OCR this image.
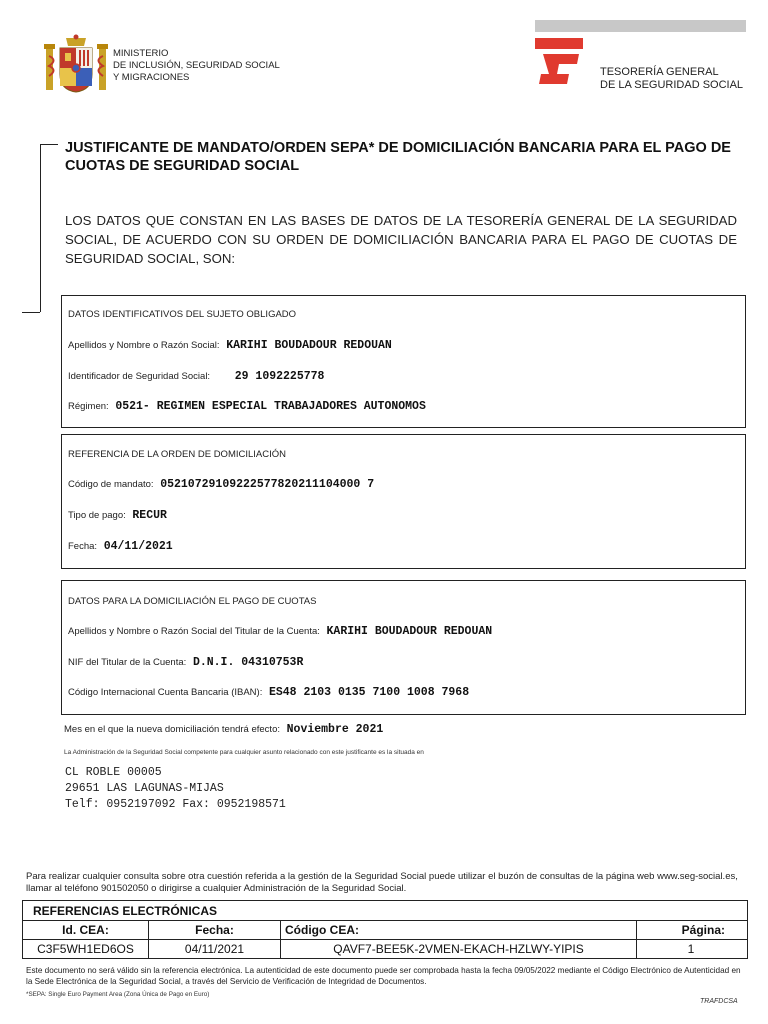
MINISTERIO
DE INCLUSIÓN, SEGURIDAD SOCIAL
Y MIGRACIONES	TESORERÍA GENERAL
DE LA SEGURIDAD SOCIAL
JUSTIFICANTE DE MANDATO/ORDEN SEPA* DE DOMICILIACIÓN BANCARIA PARA EL PAGO DE CUOTAS DE SEGURIDAD SOCIAL
LOS DATOS QUE CONSTAN EN LAS BASES DE DATOS DE LA TESORERÍA GENERAL DE LA SEGURIDAD SOCIAL, DE ACUERDO CON SU ORDEN DE DOMICILIACIÓN BANCARIA PARA EL PAGO DE CUOTAS DE SEGURIDAD SOCIAL, SON:
DATOS IDENTIFICATIVOS DEL SUJETO OBLIGADO
Apellidos y Nombre o Razón Social: KARIHI BOUDADOUR REDOUAN
Identificador de Seguridad Social: 29 1092225778
Régimen: 0521- REGIMEN ESPECIAL TRABAJADORES AUTONOMOS
REFERENCIA DE LA ORDEN DE DOMICILIACIÓN
Código de mandato: 05210729109222577820211104000 7
Tipo de pago: RECUR
Fecha: 04/11/2021
DATOS PARA LA DOMICILIACIÓN EL PAGO DE CUOTAS
Apellidos y Nombre o Razón Social del Titular de la Cuenta: KARIHI BOUDADOUR REDOUAN
NIF del Titular de la Cuenta: D.N.I. 04310753R
Código Internacional Cuenta Bancaria (IBAN): ES48 2103 0135 7100 1008 7968
Mes en el que la nueva domiciliación tendrá efecto: Noviembre 2021
La Administración de la Seguridad Social competente para cualquier asunto relacionado con este justificante es la situada en
CL ROBLE 00005
29651 LAS LAGUNAS-MIJAS
Telf: 0952197092 Fax: 0952198571
Para realizar cualquier consulta sobre otra cuestión referida a la gestión de la Seguridad Social puede utilizar el buzón de consultas de la página web www.seg-social.es, llamar al teléfono 901502050 o dirigirse a cualquier Administración de la Seguridad Social.
REFERENCIAS ELECTRÓNICAS
Id. CEA:	Fecha:	Código CEA:	Página:
C3F5WH1ED6OS	04/11/2021	QAVF7-BEE5K-2VMEN-EKACH-HZLWY-YIPIS	1
Este documento no será válido sin la referencia electrónica. La autenticidad de este documento puede ser comprobada hasta la fecha 09/05/2022 mediante el Código Electrónico de Autenticidad en la Sede Electrónica de la Seguridad Social, a través del Servicio de Verificación de Integridad de Documentos.
*SEPA: Single Euro Payment Area (Zona Única de Pago en Euro)
TRAFDCSA
